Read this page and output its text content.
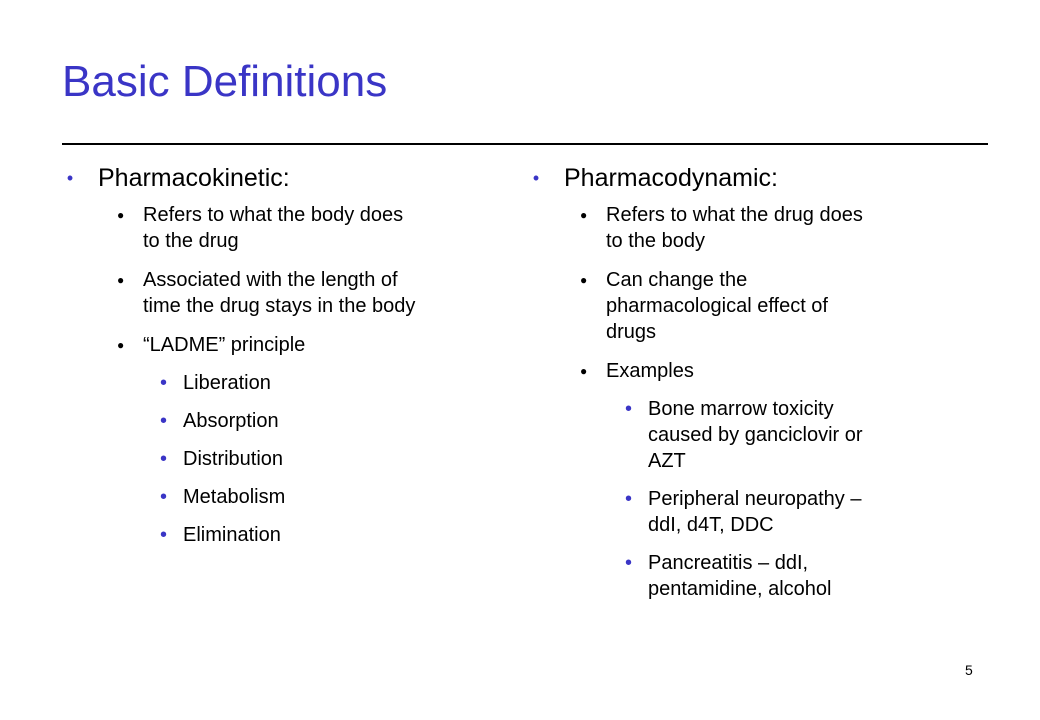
Basic Definitions
• Pharmacokinetic:
● Refers to what the body does
to the drug
● Associated with the length of
time the drug stays in the body
● “LADME” principle
• Liberation
• Absorption
• Distribution
• Metabolism
• Elimination
• Pharmacodynamic:
● Refers to what the drug does
to the body
● Can change the
pharmacological effect of
drugs
● Examples
• Bone marrow toxicity
caused by ganciclovir or
AZT
• Peripheral neuropathy –
ddI, d4T, DDC
• Pancreatitis – ddI,
pentamidine, alcohol
5
